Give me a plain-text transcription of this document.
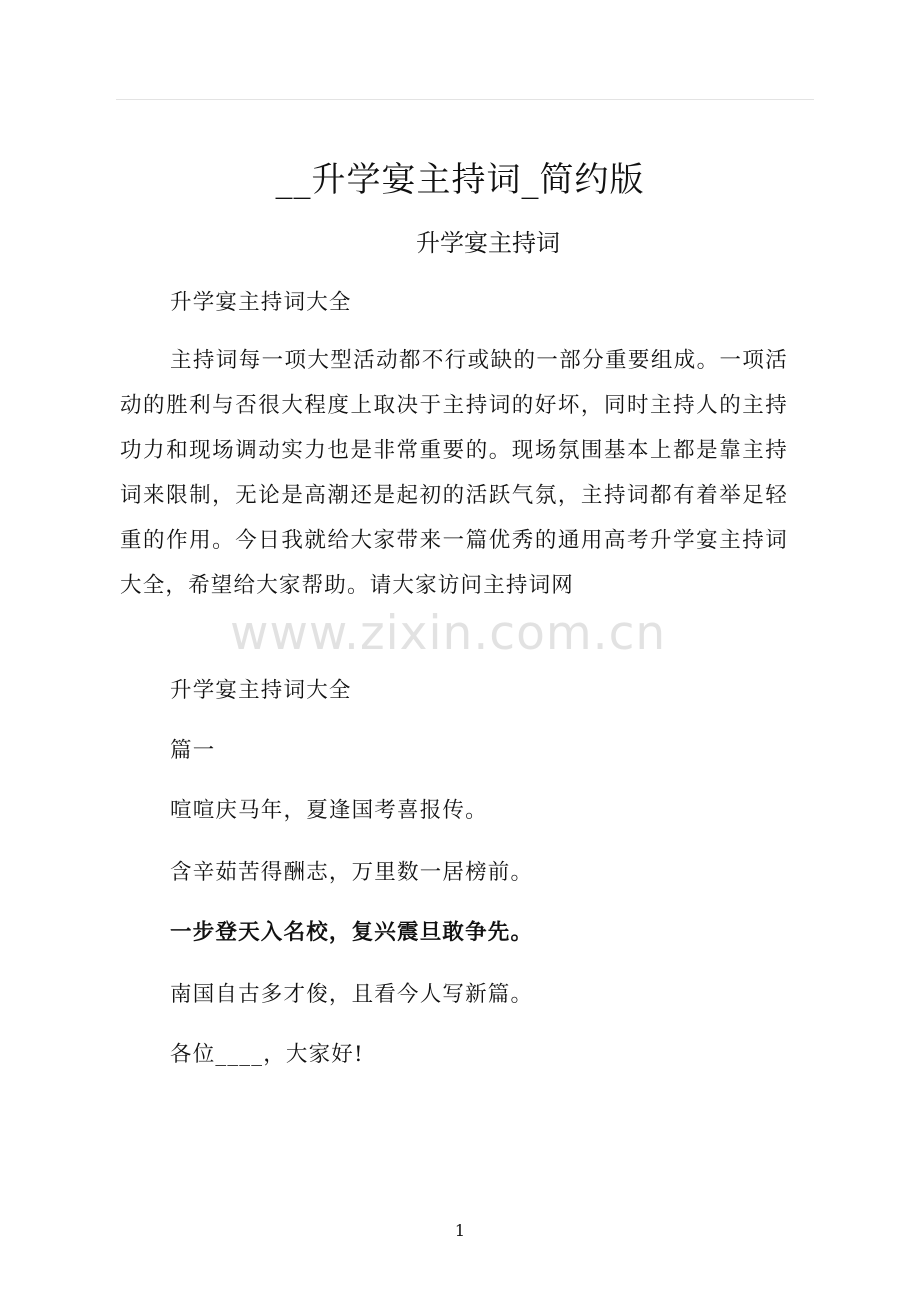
__升学宴主持词_简约版
升学宴主持词

升学宴主持词大全

主持词每一项大型活动都不行或缺的一部分重要组成。一项活动的胜利与否很大程度上取决于主持词的好坏，同时主持人的主持功力和现场调动实力也是非常重要的。现场氛围基本上都是靠主持词来限制，无论是高潮还是起初的活跃气氛，主持词都有着举足轻重的作用。今日我就给大家带来一篇优秀的通用高考升学宴主持词大全，希望给大家帮助。请大家访问主持词网

升学宴主持词大全

篇一

喧喧庆马年，夏逢国考喜报传。

含辛茹苦得酬志，万里数一居榜前。

一步登天入名校，复兴震旦敢争先。

南国自古多才俊，且看今人写新篇。

各位____，大家好!

www.zixin.com.cn
1
